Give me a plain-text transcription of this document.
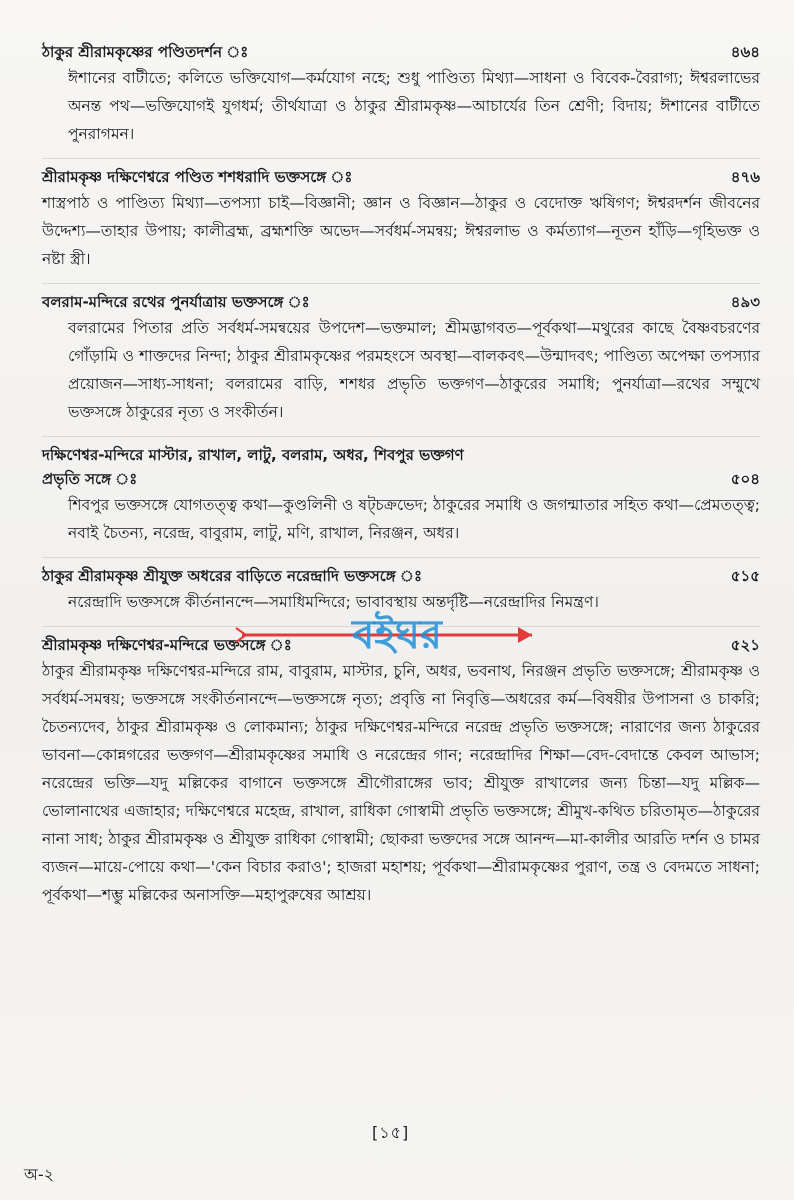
ঠাকুর শ্রীরামকৃষ্ণের পণ্ডিতদর্শন ঃ	৪৬৪
ঈশানের বাটীতে; কলিতে ভক্তিযোগ—কর্মযোগ নহে; শুধু পাণ্ডিত্য মিথ্যা—সাধনা ও বিবেক-বৈরাগ্য; ঈশ্বরলাভের অনন্ত পথ—ভক্তিযোগই যুগধর্ম; তীর্থযাত্রা ও ঠাকুর শ্রীরামকৃষ্ণ—আচার্যের তিন শ্রেণী; বিদায়; ঈশানের বাটীতে পুনরাগমন।
শ্রীরামকৃষ্ণ দক্ষিণেশ্বরে পণ্ডিত শশধরাদি ভক্তসঙ্গে ঃ	৪৭৬
শাস্ত্রপাঠ ও পাণ্ডিত্য মিথ্যা—তপস্যা চাই—বিজ্ঞানী; জ্ঞান ও বিজ্ঞান—ঠাকুর ও বেদোক্ত ঋষিগণ; ঈশ্বরদর্শন জীবনের উদ্দেশ্য—তাহার উপায়; কালীব্রহ্ম, ব্রহ্মশক্তি অভেদ—সর্বধর্ম-সমন্বয়; ঈশ্বরলাভ ও কর্মত্যাগ—নূতন হাঁড়ি—গৃহিভক্ত ও নষ্টা স্ত্রী।
বলরাম-মন্দিরে রথের পুনর্যাত্রায় ভক্তসঙ্গে ঃ	৪৯৩
বলরামের পিতার প্রতি সর্বধর্ম-সমন্বয়ের উপদেশ—ভক্তমাল; শ্রীমদ্ভাগবত—পূর্বকথা—মথুরের কাছে বৈষ্ণবচরণের গোঁড়ামি ও শাক্তদের নিন্দা; ঠাকুর শ্রীরামকৃষ্ণের পরমহংসে অবস্থা—বালকবৎ—উন্মাদবৎ; পাণ্ডিত্য অপেক্ষা তপস্যার প্রয়োজন—সাধ্য-সাধনা; বলরামের বাড়ি, শশধর প্রভৃতি ভক্তগণ—ঠাকুরের সমাধি; পুনর্যাত্রা—রথের সম্মুখে ভক্তসঙ্গে ঠাকুরের নৃত্য ও সংকীর্তন।
দক্ষিণেশ্বর-মন্দিরে মাস্টার, রাখাল, লাটু, বলরাম, অধর, শিবপুর ভক্তগণ
প্রভৃতি সঙ্গে ঃ	৫০৪
শিবপুর ভক্তসঙ্গে যোগতত্ত্ব কথা—কুণ্ডলিনী ও ষট্চক্রভেদ; ঠাকুরের সমাধি ও জগন্মাতার সহিত কথা—প্রেমতত্ত্ব; নবাই চৈতন্য, নরেন্দ্র, বাবুরাম, লাটু, মণি, রাখাল, নিরঞ্জন, অধর।
ঠাকুর শ্রীরামকৃষ্ণ শ্রীযুক্ত অধরের বাড়িতে নরেন্দ্রাদি ভক্তসঙ্গে ঃ	৫১৫
নরেন্দ্রাদি ভক্তসঙ্গে কীর্তনানন্দে—সমাধিমন্দিরে; ভাবাবস্থায় অন্তর্দৃষ্টি—নরেন্দ্রাদির নিমন্ত্রণ।
শ্রীরামকৃষ্ণ দক্ষিণেশ্বর-মন্দিরে ভক্তসঙ্গে ঃ	৫২১
ঠাকুর শ্রীরামকৃষ্ণ দক্ষিণেশ্বর-মন্দিরে রাম, বাবুরাম, মাস্টার, চুনি, অধর, ভবনাথ, নিরঞ্জন প্রভৃতি ভক্তসঙ্গে; শ্রীরামকৃষ্ণ ও সর্বধর্ম-সমন্বয়; ভক্তসঙ্গে সংকীর্তনানন্দে—ভক্তসঙ্গে নৃত্য; প্রবৃত্তি না নিবৃত্তি—অধরের কর্ম—বিষয়ীর উপাসনা ও চাকরি; চৈতন্যদেব, ঠাকুর শ্রীরামকৃষ্ণ ও লোকমান্য; ঠাকুর দক্ষিণেশ্বর-মন্দিরে নরেন্দ্র প্রভৃতি ভক্তসঙ্গে; নারাণের জন্য ঠাকুরের ভাবনা—কোন্নগরের ভক্তগণ—শ্রীরামকৃষ্ণের সমাধি ও নরেন্দ্রের গান; নরেন্দ্রাদির শিক্ষা—বেদ-বেদান্তে কেবল আভাস; নরেন্দ্রের ভক্তি—যদু মল্লিকের বাগানে ভক্তসঙ্গে শ্রীগৌরাঙ্গের ভাব; শ্রীযুক্ত রাখালের জন্য চিন্তা—যদু মল্লিক—ভোলানাথের এজাহার; দক্ষিণেশ্বরে মহেন্দ্র, রাখাল, রাধিকা গোস্বামী প্রভৃতি ভক্তসঙ্গে; শ্রীমুখ-কথিত চরিতামৃত—ঠাকুরের নানা সাধ; ঠাকুর শ্রীরামকৃষ্ণ ও শ্রীযুক্ত রাধিকা গোস্বামী; ছোকরা ভক্তদের সঙ্গে আনন্দ—মা-কালীর আরতি দর্শন ও চামর ব্যজন—মায়ে-পোয়ে কথা—'কেন বিচার করাও'; হাজরা মহাশয়; পূর্বকথা—শ্রীরামকৃষ্ণের পুরাণ, তন্ত্র ও বেদমতে সাধনা; পূর্বকথা—শম্ভু মল্লিকের অনাসক্তি—মহাপুরুষের আশ্রয়।
বইঘর
[১৫]
অ-২
